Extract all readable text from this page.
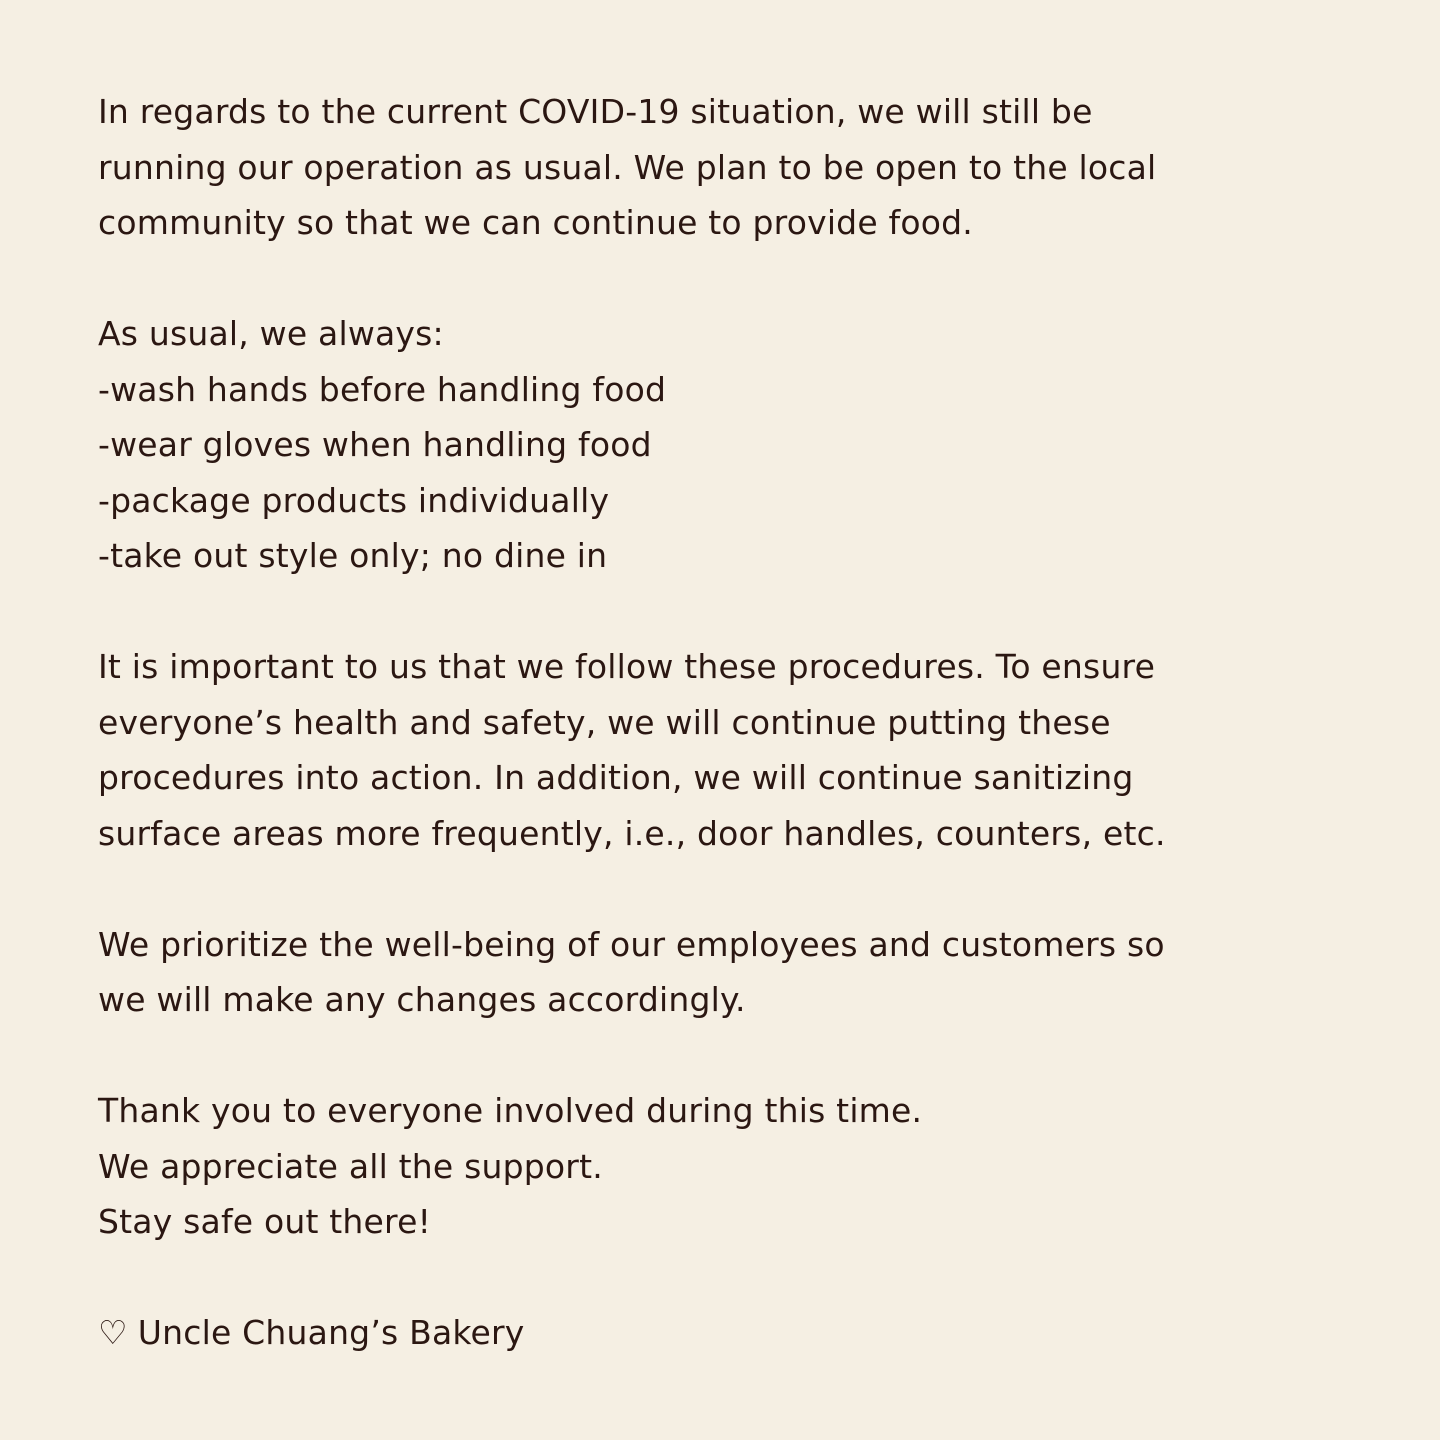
In regards to the current COVID-19 situation, we will still be
running our operation as usual. We plan to be open to the local
community so that we can continue to provide food.
As usual, we always:
-wash hands before handling food
-wear gloves when handling food
-package products individually
-take out style only; no dine in
It is important to us that we follow these procedures. To ensure
everyone’s health and safety, we will continue putting these
procedures into action. In addition, we will continue sanitizing
surface areas more frequently, i.e., door handles, counters, etc.
We prioritize the well-being of our employees and customers so
we will make any changes accordingly.
Thank you to everyone involved during this time.
We appreciate all the support.
Stay safe out there!
♡ Uncle Chuang’s Bakery
